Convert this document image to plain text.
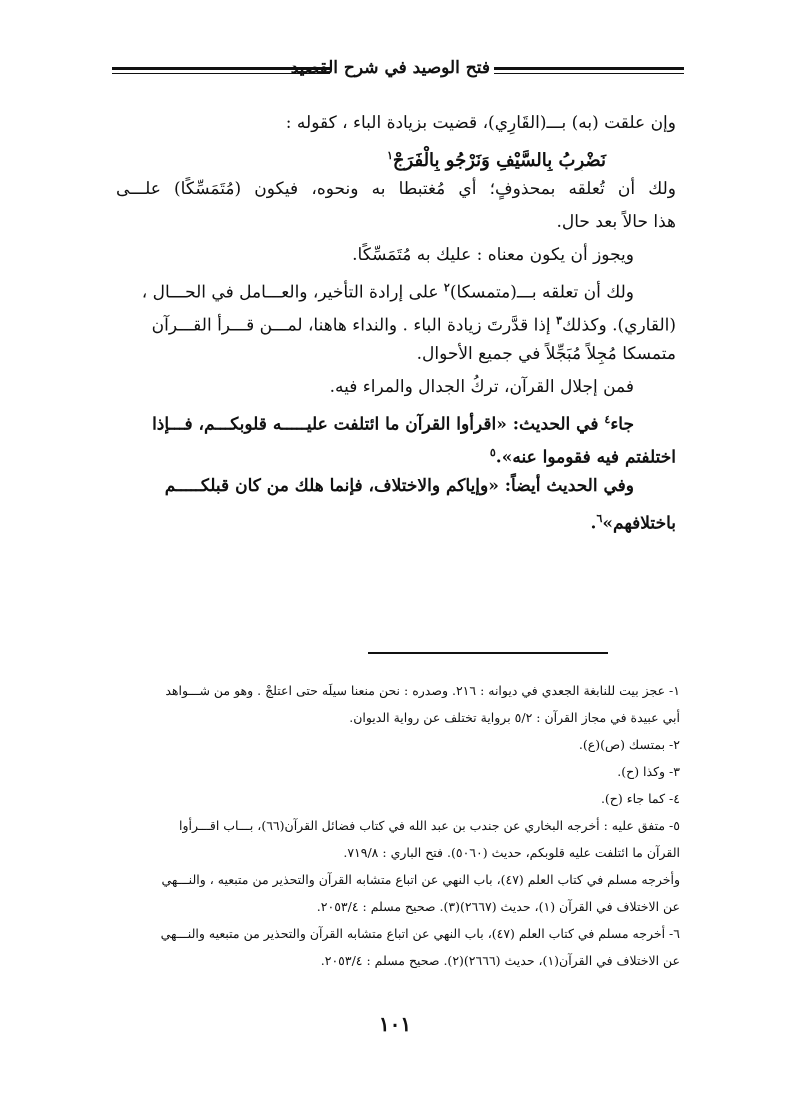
فتح الوصيد في شرح القصيد
وإن علقت (به) بـــ(القَارِي)، قضيت بزيادة الباء ، كقوله :
نَضْرِبُ بِالسَّيْفِ وَنَرْجُو بِالْفَرَجْ$^١$
ولك أن تُعلقه بمحذوفٍ؛ أي مُغتبطا به ونحوه، فيكون (مُتَمَسِّكًا) علـــى
هذا حالاً بعد حال.
ويجوز أن يكون معناه : عليك به مُتَمَسِّكًا.
ولك أن تعلقه بـــ(متمسكا)$^٢$ على إرادة التأخير، والعـــامل في الحـــال ،
(القاري). وكذلك$^٣$ إذا قدَّرتَ زيادة الباء . والنداء هاهنا، لمـــن قـــرأ القـــرآن
متمسكا مُجِلاً مُبَجِّلاً في جميع الأحوال.
فمن إجلال القرآن، تركُ الجدال والمراء فيه.
جاء$^٤$ في الحديث: «اقرأوا القرآن ما ائتلفت عليـــــه قلوبكـــم، فـــإذا
اختلفتم فيه فقوموا عنه».$^٥$
وفي الحديث أيضاً: «وإياكم والاختلاف، فإنما هلك من كان قبلكـــــم
باختلافهم»$^٦$.
١- عجز بيت للنابغة الجعدي في ديوانه : ٢١٦. وصدره : نحن منعنا سيلَه حتى اعتلجْ . وهو من شـــواهد
أبي عبيدة في مجاز القرآن : ٥/٢ برواية تختلف عن رواية الديوان.
٢- بمتسك (ص)(ع).
٣- وكذا (ح).
٤- كما جاء (ح).
٥- متفق عليه : أخرجه البخاري عن جندب بن عبد الله في كتاب فضائل القرآن(٦٦)، بـــاب اقـــرأوا
القرآن ما ائتلفت عليه قلوبكم، حديث (٥٠٦٠). فتح الباري : ٧١٩/٨.
وأخرجه مسلم في كتاب العلم (٤٧)، باب النهي عن اتباع متشابه القرآن والتحذير من متبعيه ، والنـــهي
عن الاختلاف في القرآن (١)، حديث (٢٦٦٧)(٣). صحيح مسلم : ٢٠٥٣/٤.
٦- أخرجه مسلم في كتاب العلم (٤٧)، باب النهي عن اتباع متشابه القرآن والتحذير من متبعيه والنـــهي
عن الاختلاف في القرآن(١)، حديث (٢٦٦٦)(٢). صحيح مسلم : ٢٠٥٣/٤.
١٠١
